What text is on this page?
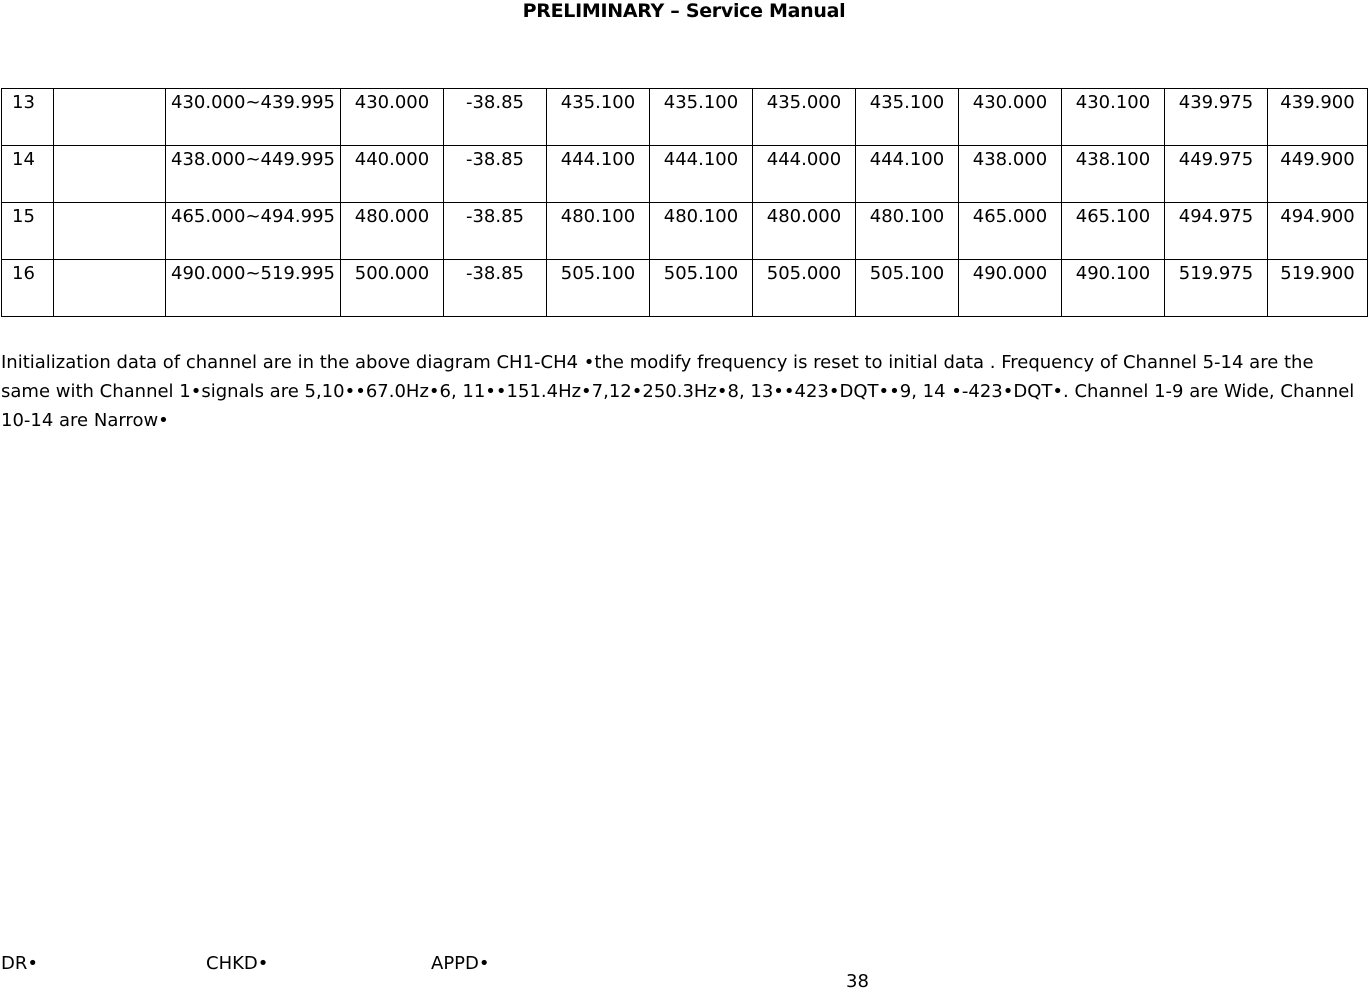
PRELIMINARY – Service Manual
13		430.000~439.995	430.000	-38.85	435.100	435.100	435.000	435.100	430.000	430.100	439.975	439.900
14		438.000~449.995	440.000	-38.85	444.100	444.100	444.000	444.100	438.000	438.100	449.975	449.900
15		465.000~494.995	480.000	-38.85	480.100	480.100	480.000	480.100	465.000	465.100	494.975	494.900
16		490.000~519.995	500.000	-38.85	505.100	505.100	505.000	505.100	490.000	490.100	519.975	519.900
Initialization data of channel are in the above diagram CH1-CH4 •the modify frequency is reset to initial data . Frequency of Channel 5-14 are the same with Channel 1•signals are 5,10••67.0Hz•6, 11••151.4Hz•7,12•250.3Hz•8, 13••423•DQT••9, 14 •-423•DQT•. Channel 1-9 are Wide, Channel 10-14 are Narrow•
DR•	CHKD•	APPD•
38
